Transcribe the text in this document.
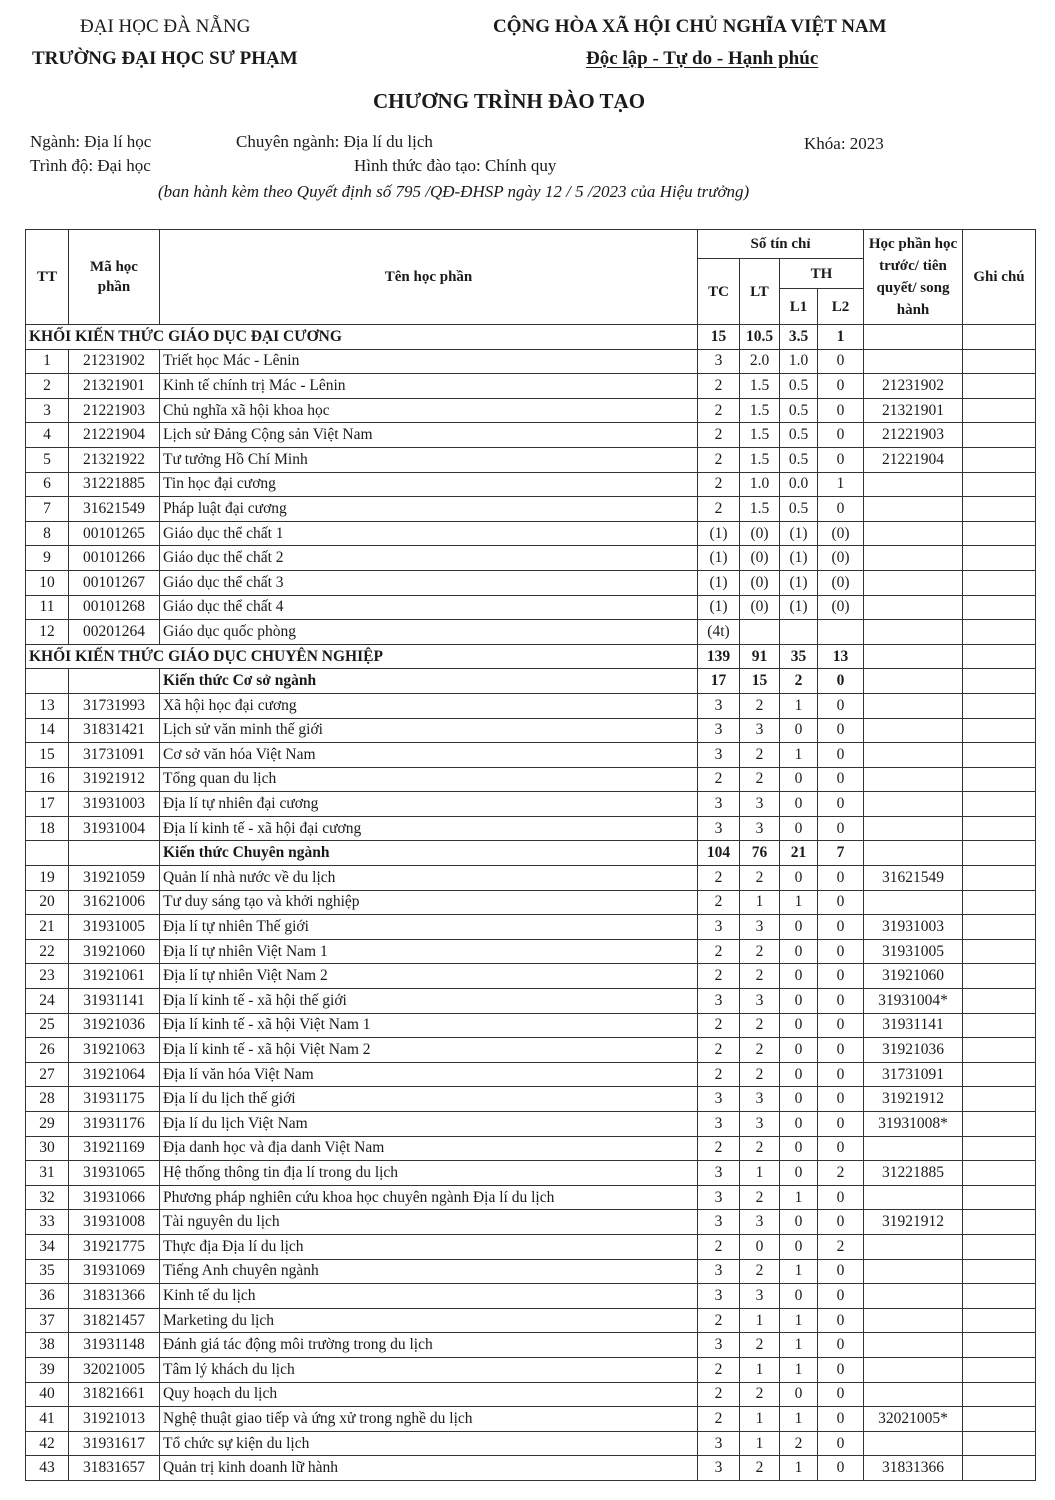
ĐẠI HỌC ĐÀ NẴNG
TRƯỜNG ĐẠI HỌC SƯ PHẠM
CỘNG HÒA XÃ HỘI CHỦ NGHĨA VIỆT NAM
Độc lập - Tự do - Hạnh phúc
CHƯƠNG TRÌNH ĐÀO TẠO
Ngành: Địa lí học	Chuyên ngành: Địa lí du lịch	Khóa: 2023
Trình độ: Đại học	Hình thức đào tạo: Chính quy
(ban hành kèm theo Quyết định số 795 /QĐ-ĐHSP ngày 12 / 5 /2023 của Hiệu trưởng)
TT	Mã học phần	Tên học phần	Số tín chỉ				Học phần học trước/ tiên quyết/ song hành	Ghi chú
			TC	LT	TH			
					L1	L2		
KHỐI KIẾN THỨC GIÁO DỤC ĐẠI CƯƠNG			15	10.5	3.5	1		
1	21231902	Triết học Mác - Lênin	3	2.0	1.0	0		
2	21321901	Kinh tế chính trị Mác - Lênin	2	1.5	0.5	0	21231902	
3	21221903	Chủ nghĩa xã hội khoa học	2	1.5	0.5	0	21321901	
4	21221904	Lịch sử Đảng Cộng sản Việt Nam	2	1.5	0.5	0	21221903	
5	21321922	Tư tưởng Hồ Chí Minh	2	1.5	0.5	0	21221904	
6	31221885	Tin học đại cương	2	1.0	0.0	1		
7	31621549	Pháp luật đại cương	2	1.5	0.5	0		
8	00101265	Giáo dục thể chất 1	(1)	(0)	(1)	(0)		
9	00101266	Giáo dục thể chất 2	(1)	(0)	(1)	(0)		
10	00101267	Giáo dục thể chất 3	(1)	(0)	(1)	(0)		
11	00101268	Giáo dục thể chất 4	(1)	(0)	(1)	(0)		
12	00201264	Giáo dục quốc phòng	(4t)					
KHỐI KIẾN THỨC GIÁO DỤC CHUYÊN NGHIỆP			139	91	35	13		
		Kiến thức Cơ sở ngành	17	15	2	0		
13	31731993	Xã hội học đại cương	3	2	1	0		
14	31831421	Lịch sử văn minh thế giới	3	3	0	0		
15	31731091	Cơ sở văn hóa Việt Nam	3	2	1	0		
16	31921912	Tổng quan du lịch	2	2	0	0		
17	31931003	Địa lí tự nhiên đại cương	3	3	0	0		
18	31931004	Địa lí kinh tế - xã hội đại cương	3	3	0	0		
		Kiến thức Chuyên ngành	104	76	21	7		
19	31921059	Quản lí nhà nước về du lịch	2	2	0	0	31621549	
20	31621006	Tư duy sáng tạo và khởi nghiệp	2	1	1	0		
21	31931005	Địa lí tự nhiên Thế giới	3	3	0	0	31931003	
22	31921060	Địa lí tự nhiên Việt Nam 1	2	2	0	0	31931005	
23	31921061	Địa lí tự nhiên Việt Nam 2	2	2	0	0	31921060	
24	31931141	Địa lí kinh tế - xã hội thế giới	3	3	0	0	31931004*	
25	31921036	Địa lí kinh tế - xã hội Việt Nam 1	2	2	0	0	31931141	
26	31921063	Địa lí kinh tế - xã hội Việt Nam 2	2	2	0	0	31921036	
27	31921064	Địa lí văn hóa Việt Nam	2	2	0	0	31731091	
28	31931175	Địa lí du lịch thế giới	3	3	0	0	31921912	
29	31931176	Địa lí du lịch Việt Nam	3	3	0	0	31931008*	
30	31921169	Địa danh học và địa danh Việt Nam	2	2	0	0		
31	31931065	Hệ thống thông tin địa lí trong du lịch	3	1	0	2	31221885	
32	31931066	Phương pháp nghiên cứu khoa học chuyên ngành Địa lí du lịch	3	2	1	0		
33	31931008	Tài nguyên du lịch	3	3	0	0	31921912	
34	31921775	Thực địa Địa lí du lịch	2	0	0	2		
35	31931069	Tiếng Anh chuyên ngành	3	2	1	0		
36	31831366	Kinh tế du lịch	3	3	0	0		
37	31821457	Marketing du lịch	2	1	1	0		
38	31931148	Đánh giá tác động môi trường trong du lịch	3	2	1	0		
39	32021005	Tâm lý khách du lịch	2	1	1	0		
40	31821661	Quy hoạch du lịch	2	2	0	0		
41	31921013	Nghệ thuật giao tiếp và ứng xử trong nghề du lịch	2	1	1	0	32021005*	
42	31931617	Tổ chức sự kiện du lịch	3	1	2	0		
43	31831657	Quản trị kinh doanh lữ hành	3	2	1	0	31831366	
